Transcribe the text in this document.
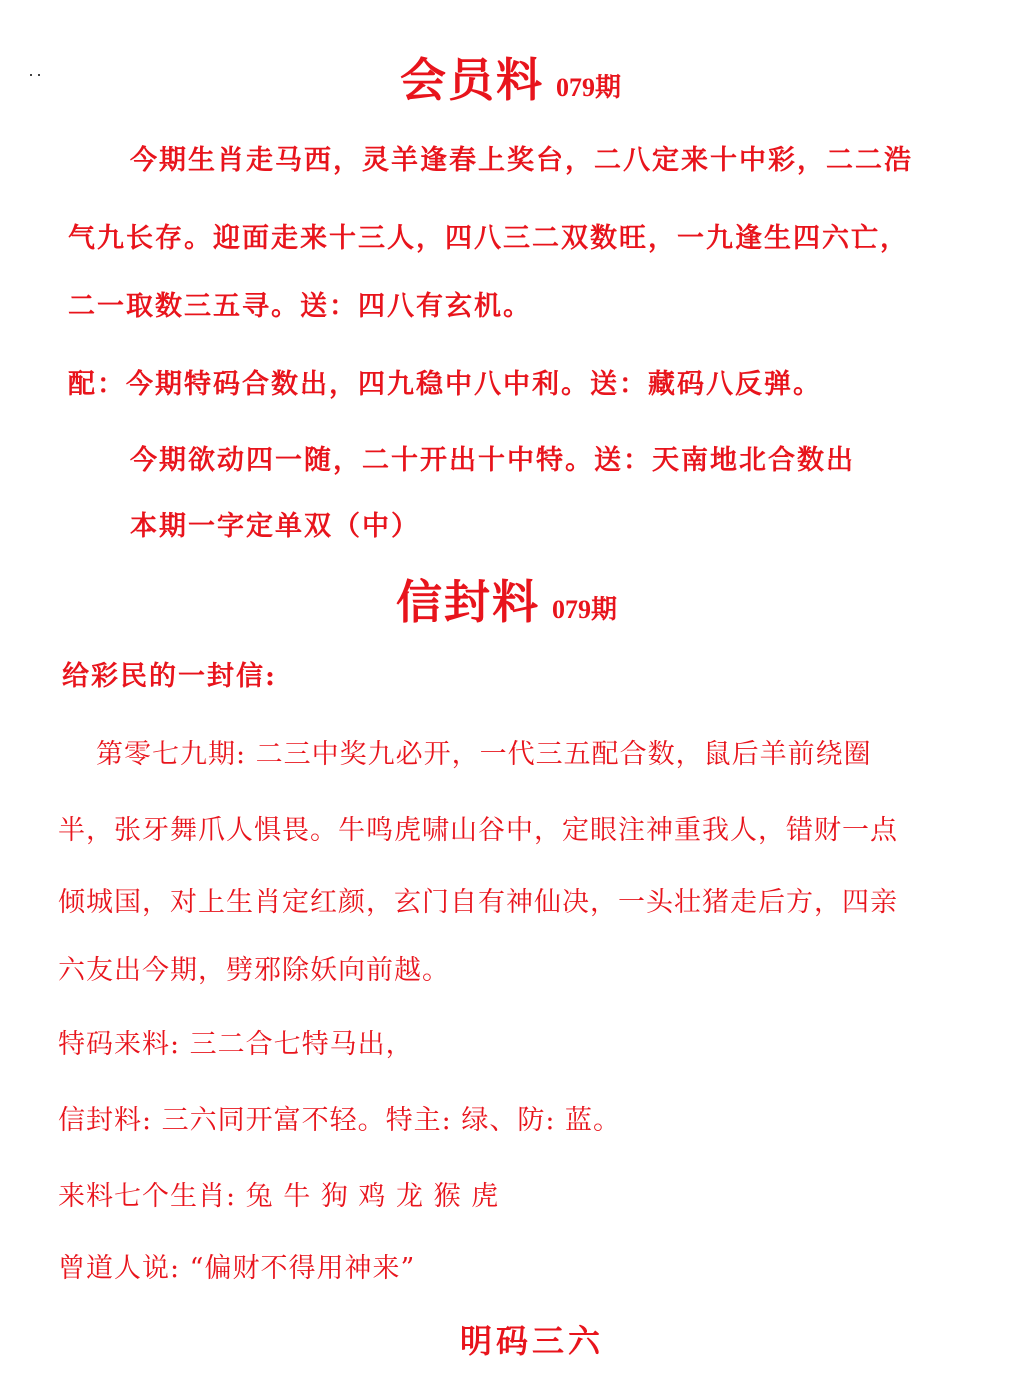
会员料 079期
今期生肖走马西，灵羊逢春上奖台，二八定来十中彩，二二浩
气九长存。迎面走来十三人，四八三二双数旺，一九逢生四六亡，
二一取数三五寻。送：四八有玄机。
配：今期特码合数出，四九稳中八中利。送：藏码八反弹。
今期欲动四一随，二十开出十中特。送：天南地北合数出
本期一字定单双（中）
信封料 079期
给彩民的一封信:
第零七九期: 二三中奖九必开，一代三五配合数，鼠后羊前绕圈
半，张牙舞爪人惧畏。牛鸣虎啸山谷中，定眼注神重我人，错财一点
倾城国，对上生肖定红颜，玄门自有神仙决，一头壮猪走后方，四亲
六友出今期，劈邪除妖向前越。
特码来料: 三二合七特马出，
信封料: 三六同开富不轻。特主: 绿、防: 蓝。
来料七个生肖: 兔 牛 狗 鸡 龙 猴 虎
曾道人说: “偏财不得用神来”
明码三六
